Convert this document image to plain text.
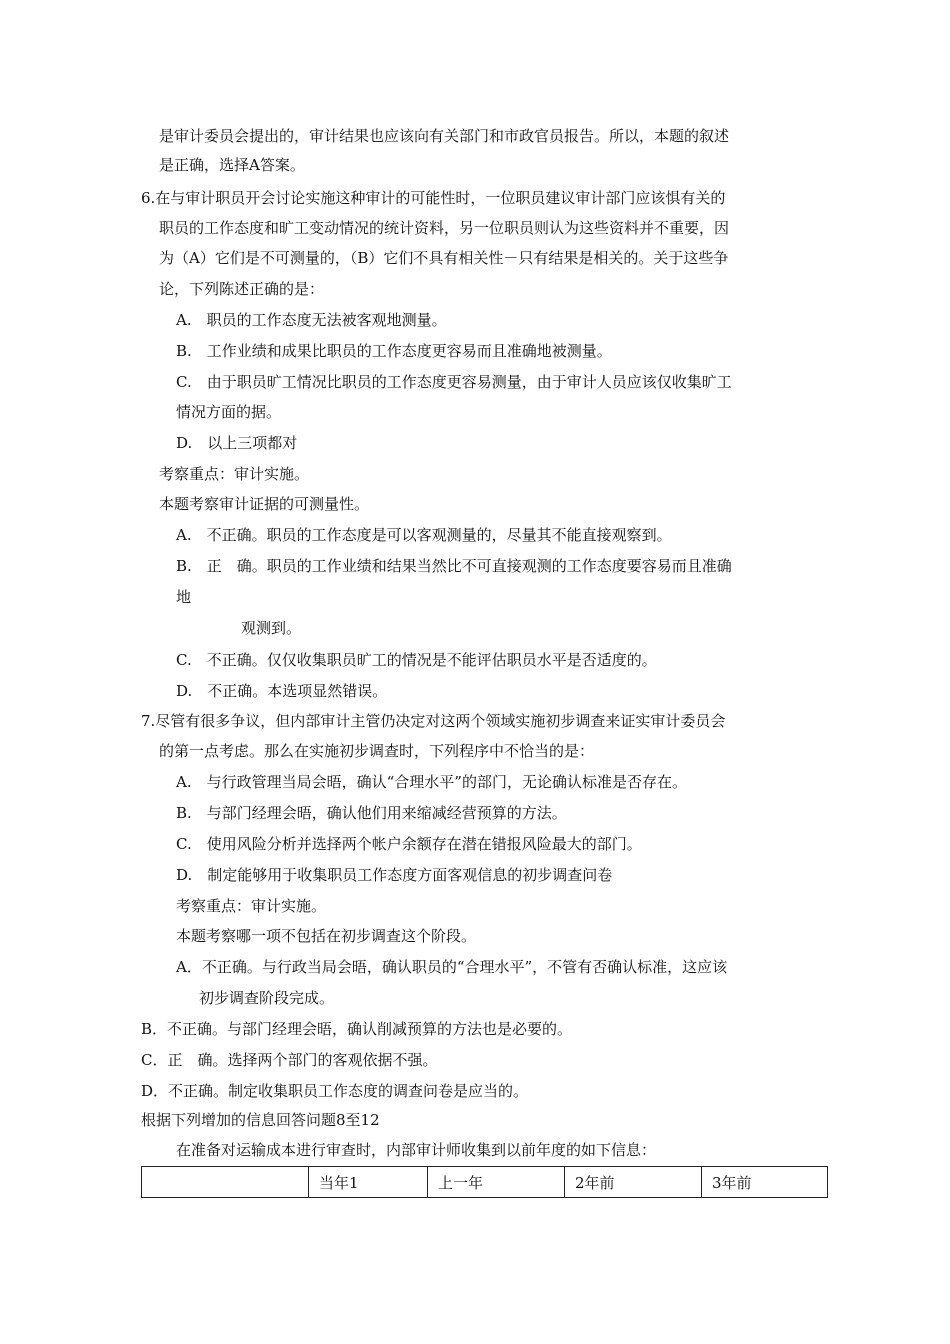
是审计委员会提出的，审计结果也应该向有关部门和市政官员报告。所以，本题的叙述
是正确，选择A答案。
6.在与审计职员开会讨论实施这种审计的可能性时，一位职员建议审计部门应该惧有关的
职员的工作态度和旷工变动情况的统计资料，另一位职员则认为这些资料并不重要，因
为（A）它们是不可测量的，（B）它们不具有相关性－只有结果是相关的。关于这些争
论，下列陈述正确的是：
A.　职员的工作态度无法被客观地测量。
B.　工作业绩和成果比职员的工作态度更容易而且准确地被测量。
C.　由于职员旷工情况比职员的工作态度更容易测量，由于审计人员应该仅收集旷工
情况方面的据。
D.　以上三项都对
考察重点：审计实施。
本题考察审计证据的可测量性。
A.　不正确。职员的工作态度是可以客观测量的，尽量其不能直接观察到。
B.　正　确。职员的工作业绩和结果当然比不可直接观测的工作态度要容易而且准确
地
观测到。
C.　不正确。仅仅收集职员旷工的情况是不能评估职员水平是否适度的。
D.　不正确。本选项显然错误。
7.尽管有很多争议，但内部审计主管仍决定对这两个领域实施初步调查来证实审计委员会
的第一点考虑。那么在实施初步调查时，下列程序中不恰当的是：
A.　与行政管理当局会晤，确认“合理水平”的部门，无论确认标准是否存在。
B.　与部门经理会晤，确认他们用来缩减经营预算的方法。
C.　使用风险分析并选择两个帐户余额存在潜在错报风险最大的部门。
D.　制定能够用于收集职员工作态度方面客观信息的初步调查问卷
考察重点：审计实施。
本题考察哪一项不包括在初步调查这个阶段。
A．不正确。与行政当局会晤，确认职员的“合理水平”，不管有否确认标准，这应该
初步调查阶段完成。
B．不正确。与部门经理会晤，确认削减预算的方法也是必要的。
C．正　确。选择两个部门的客观依据不强。
D．不正确。制定收集职员工作态度的调查问卷是应当的。
根据下列增加的信息回答问题8至12
在准备对运输成本进行审查时，内部审计师收集到以前年度的如下信息：
	当年1	上一年	2年前	3年前
